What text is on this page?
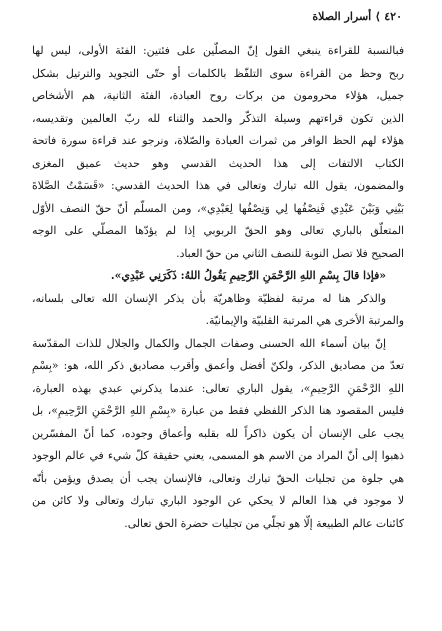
٤٢٠⟩أسرار الصلاة
فبالنسبة للقراءة ينبغي القول إنّ المصلّين على فئتين: الفئة الأولى، ليس لها
ربح وحظ من القراءة سوى التلفّظ بالكلمات أو حتّى التجويد والترتيل بشكل
جميل، هؤلاء محرومون من بركات روح العبادة، الفئة الثانية، هم الأشخاص
الذين تكون قراءتهم وسيلة التذكّر والحمد والثناء لله ربّ العالمين وتقديسه،
هؤلاء لهم الحظ الوافر من ثمرات العبادة والصّلاة، ونرجو عند قراءة سورة فاتحة
الكتاب الالتفات إلى هذا الحديث القدسي وهو حديث عميق المغزى
والمضمون، يقول الله تبارك وتعالى في هذا الحديث القدسي: «قَسَمْتُ الصَّلاةَ
بَيْنِي وَبَيْنَ عَبْدِي فَنِصْفُها لِي وَنِصْفُها لِعَبْدِي»، ومن المسلّم أنّ حقّ النصف الأوّل
المتعلّق بالباري تعالى وهو الحقّ الربوبي إذا لم يؤدّها المصلّي على الوجه
الصحيح فلا تصل النوبة للنصف الثاني من حقّ العباد.
«فإذا قالَ بِسْمِ اللهِ الرَّحْمَنِ الرَّحِيمِ يَقُولُ اللهُ: ذَكَرَنِي عَبْدِي».
والذكر هنا له مرتبة لفظيّة وظاهريّة بأن يذكر الإنسان الله تعالى بلسانه،
والمرتبة الأخرى هي المرتبة القلبيّة والإيمانيّة.
إنّ بيان أسماء الله الحسنى وصفات الجمال والكمال والجلال للذات المقدّسة
تعدّ من مصاديق الذكر، ولكنّ أفضل وأعمق وأقرب مصاديق ذكر الله، هو: «بِسْمِ
اللهِ الرَّحْمَنِ الرَّحِيمِ»، يقول الباري تعالى: عندما يذكرني عبدي بهذه العبارة،
فليس المقصود هنا الذكر اللفظي فقط من عبارة «بِسْمِ اللهِ الرَّحْمَنِ الرَّحِيمِ»، بل
يجب على الإنسان أن يكون ذاكراً لله بقلبه وأعماق وجوده، كما أنّ المفسّرين
ذهبوا إلى أنّ المراد من الاسم هو المسمى، يعني حقيقة كلّ شيء في عالم الوجود
هي جلوة من تجليات الحقّ تبارك وتعالى، فالإنسان يجب أن يصدق ويؤمن بأنّه
لا موجود في هذا العالم لا يحكي عن الوجود الباري تبارك وتعالى ولا كائن من
كائنات عالم الطبيعة إلّا هو تجلّي من تجليات حضرة الحق تعالى.
